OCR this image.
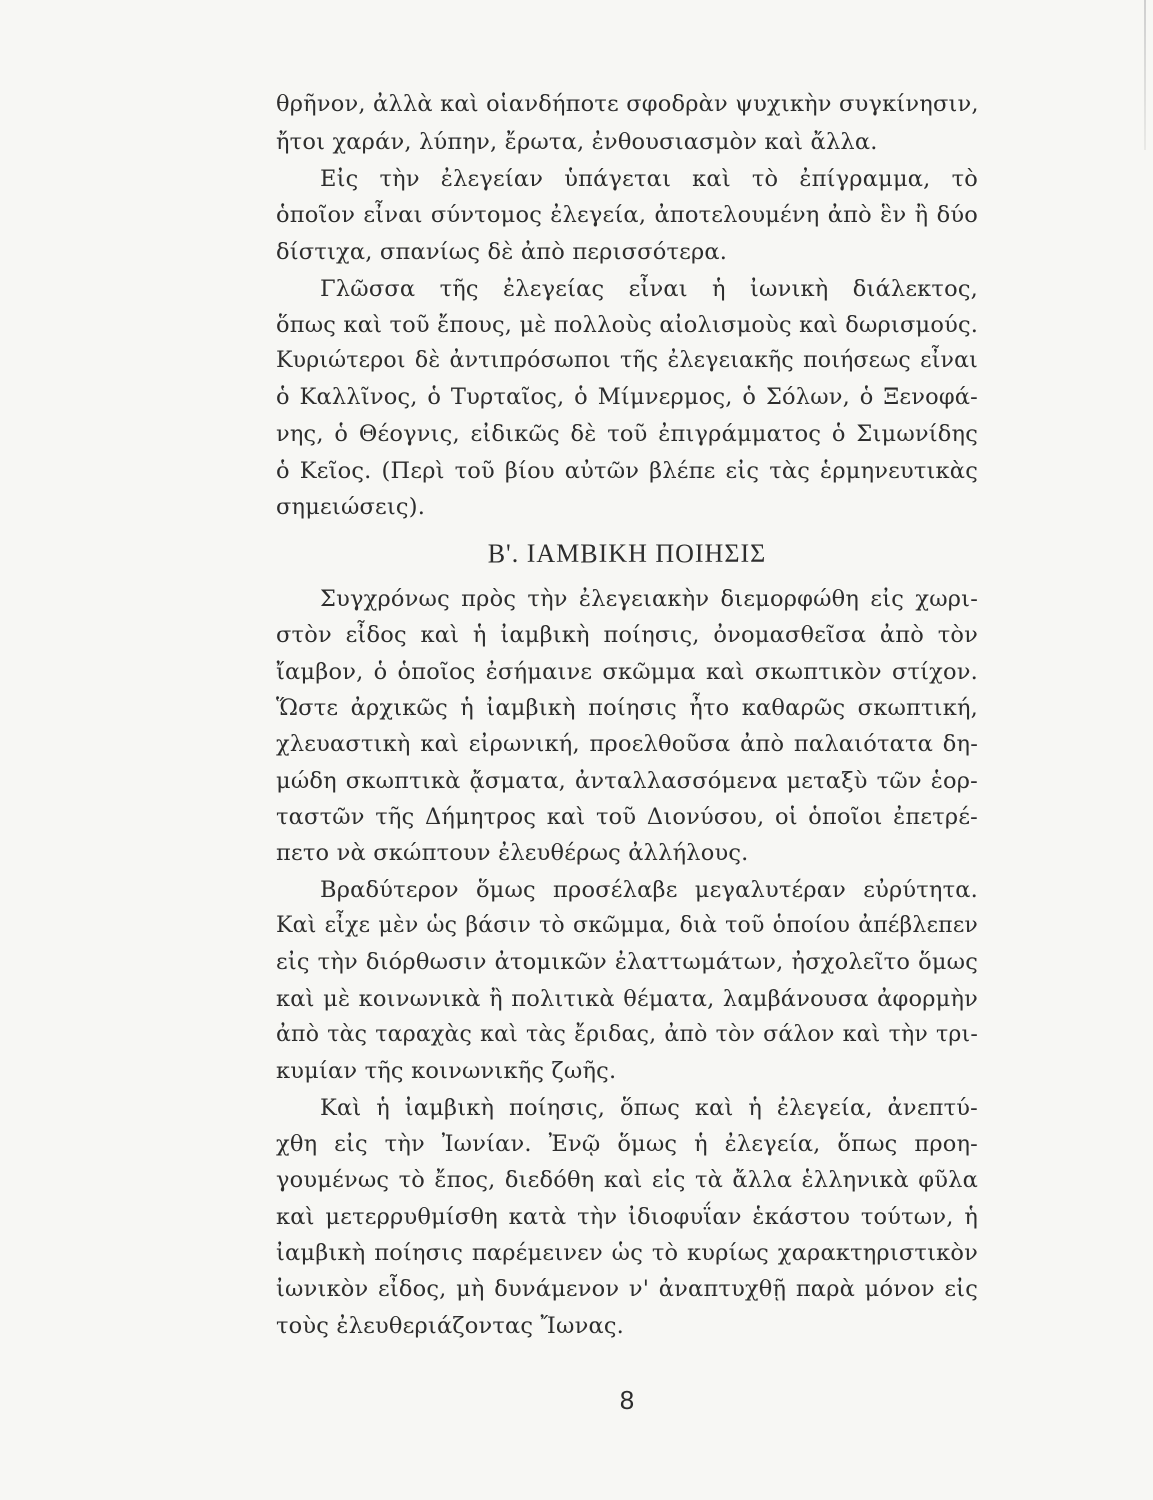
θρῆνον, ἀλλὰ καὶ οἱανδήποτε σφοδρὰν ψυχικὴν συγκίνησιν,
ἤτοι χαράν, λύπην, ἔρωτα, ἐνθουσιασμὸν καὶ ἄλλα.
Εἰς τὴν ἐλεγείαν ὑπάγεται καὶ τὸ ἐπίγραμμα, τὸ
ὁποῖον εἶναι σύντομος ἐλεγεία, ἀποτελουμένη ἀπὸ ἓν ἢ δύο
δίστιχα, σπανίως δὲ ἀπὸ περισσότερα.
Γλῶσσα τῆς ἐλεγείας εἶναι ἡ ἰωνικὴ διάλεκτος,
ὅπως καὶ τοῦ ἔπους, μὲ πολλοὺς αἰολισμοὺς καὶ δωρισμούς.
Κυριώτεροι δὲ ἀντιπρόσωποι τῆς ἐλεγειακῆς ποιήσεως εἶναι
ὁ Καλλῖνος, ὁ Τυρταῖος, ὁ Μίμνερμος, ὁ Σόλων, ὁ Ξενοφά-
νης, ὁ Θέογνις, εἰδικῶς δὲ τοῦ ἐπιγράμματος ὁ Σιμωνίδης
ὁ Κεῖος. (Περὶ τοῦ βίου αὐτῶν βλέπε εἰς τὰς ἑρμηνευτικὰς
σημειώσεις).
Β'. ΙΑΜΒΙΚΗ ΠΟΙΗΣΙΣ
Συγχρόνως πρὸς τὴν ἐλεγειακὴν διεμορφώθη εἰς χωρι-
στὸν εἶδος καὶ ἡ ἰαμβικὴ ποίησις, ὀνομασθεῖσα ἀπὸ τὸν
ἴαμβον, ὁ ὁποῖος ἐσήμαινε σκῶμμα καὶ σκωπτικὸν στίχον.
Ὥστε ἀρχικῶς ἡ ἰαμβικὴ ποίησις ἦτο καθαρῶς σκωπτική,
χλευαστικὴ καὶ εἰρωνική, προελθοῦσα ἀπὸ παλαιότατα δη-
μώδη σκωπτικὰ ᾄσματα, ἀνταλλασσόμενα μεταξὺ τῶν ἑορ-
ταστῶν τῆς Δήμητρος καὶ τοῦ Διονύσου, οἱ ὁποῖοι ἐπετρέ-
πετο νὰ σκώπτουν ἐλευθέρως ἀλλήλους.
Βραδύτερον ὅμως προσέλαβε μεγαλυτέραν εὐρύτητα.
Καὶ εἶχε μὲν ὡς βάσιν τὸ σκῶμμα, διὰ τοῦ ὁποίου ἀπέβλεπεν
εἰς τὴν διόρθωσιν ἀτομικῶν ἐλαττωμάτων, ἠσχολεῖτο ὅμως
καὶ μὲ κοινωνικὰ ἢ πολιτικὰ θέματα, λαμβάνουσα ἀφορμὴν
ἀπὸ τὰς ταραχὰς καὶ τὰς ἔριδας, ἀπὸ τὸν σάλον καὶ τὴν τρι-
κυμίαν τῆς κοινωνικῆς ζωῆς.
Καὶ ἡ ἰαμβικὴ ποίησις, ὅπως καὶ ἡ ἐλεγεία, ἀνεπτύ-
χθη εἰς τὴν Ἰωνίαν. Ἐνῷ ὅμως ἡ ἐλεγεία, ὅπως προη-
γουμένως τὸ ἔπος, διεδόθη καὶ εἰς τὰ ἄλλα ἑλληνικὰ φῦλα
καὶ μετερρυθμίσθη κατὰ τὴν ἰδιοφυΐαν ἑκάστου τούτων, ἡ
ἰαμβικὴ ποίησις παρέμεινεν ὡς τὸ κυρίως χαρακτηριστικὸν
ἰωνικὸν εἶδος, μὴ δυνάμενον ν' ἀναπτυχθῇ παρὰ μόνον εἰς
τοὺς ἐλευθεριάζοντας Ἴωνας.
8
